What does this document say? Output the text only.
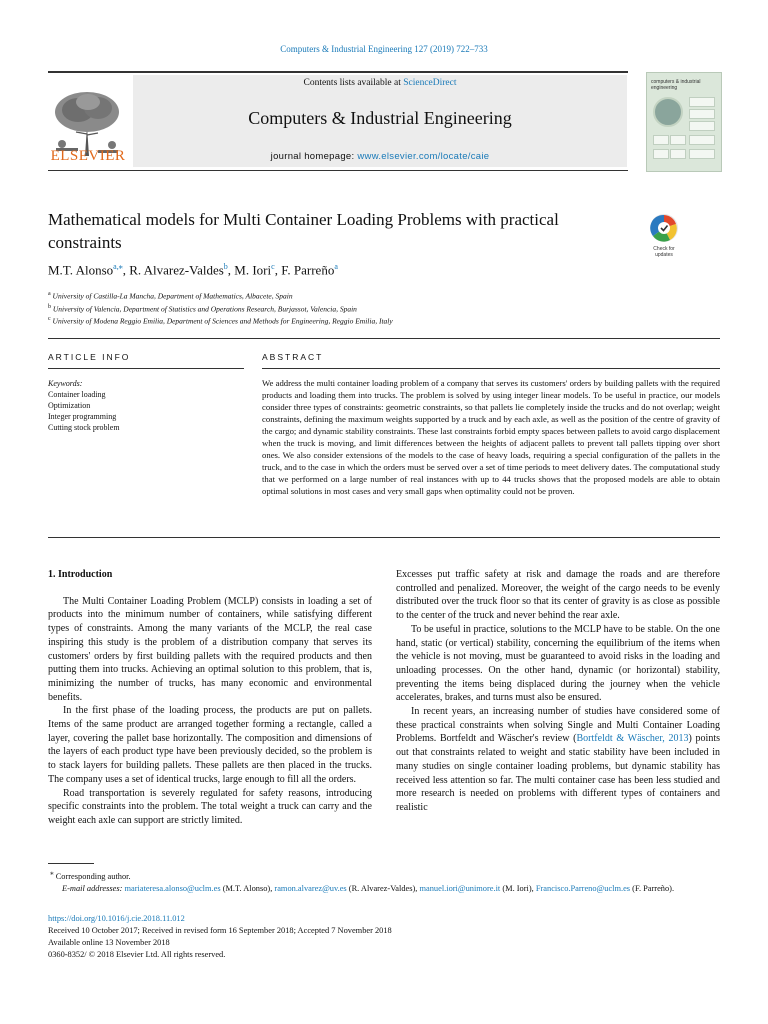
Computers & Industrial Engineering 127 (2019) 722–733
ELSEVIER
Contents lists available at ScienceDirect
Computers & Industrial Engineering
journal homepage: www.elsevier.com/locate/caie
computers & industrial engineering
Mathematical models for Multi Container Loading Problems with practical constraints	Check for updates
M.T. Alonso$^{a,⁎}$, R. Alvarez-Valdes$^b$, M. Iori$^c$, F. Parreño$^a$
$^a$ University of Castilla-La Mancha, Department of Mathematics, Albacete, Spain
$^b$ University of Valencia, Department of Statistics and Operations Research, Burjassot, Valencia, Spain
$^c$ University of Modena Reggio Emilia, Department of Sciences and Methods for Engineering, Reggio Emilia, Italy
ARTICLE INFO	ABSTRACT
Keywords:
Container loading
Optimization
Integer programming
Cutting stock problem
We address the multi container loading problem of a company that serves its customers' orders by building pallets with the required products and loading them into trucks. The problem is solved by using integer linear models. To be useful in practice, our models consider three types of constraints: geometric constraints, so that pallets lie completely inside the trucks and do not overlap; weight constraints, defining the maximum weights supported by a truck and by each axle, as well as the position of the centre of gravity of the cargo; and dynamic stability constraints. These last constraints forbid empty spaces between pallets to avoid cargo displacement when the truck is moving, and limit differences between the heights of adjacent pallets to prevent tall pallets tipping over short ones. We also consider extensions of the models to the case of heavy loads, requiring a special configuration of the pallets in the truck, and to the case in which the orders must be served over a set of time periods to meet delivery dates. The computational study that we performed on a large number of real instances with up to 44 trucks shows that the proposed models are able to obtain optimal solutions in most cases and very small gaps when optimality could not be proven.
1. Introduction

The Multi Container Loading Problem (MCLP) consists in loading a set of products into the minimum number of containers, while satisfying different types of constraints. Among the many variants of the MCLP, the real case inspiring this study is the problem of a distribution company that serves its customers' orders by first building pallets with the required products and then putting them into trucks. Achieving an optimal solution to this problem, that is, minimizing the number of trucks, has many economic and environmental benefits.

In the first phase of the loading process, the products are put on pallets. Items of the same product are arranged together forming a rectangle, called a layer, covering the pallet base horizontally. The composition and dimensions of the layers of each product type have been previously decided, so the problem is to stack layers for building pallets. These pallets are then placed in the trucks. The company uses a set of identical trucks, large enough to fill all the orders.

Road transportation is severely regulated for safety reasons, introducing specific constraints into the problem. The total weight a truck can carry and the weight each axle can support are strictly limited.

Excesses put traffic safety at risk and damage the roads and are therefore controlled and penalized. Moreover, the weight of the cargo needs to be evenly distributed over the truck floor so that its center of gravity is as close as possible to the center of the truck and never behind the rear axle.

To be useful in practice, solutions to the MCLP have to be stable. On the one hand, static (or vertical) stability, concerning the equilibrium of the items when the vehicle is not moving, must be guaranteed to avoid risks in the loading and unloading processes. On the other hand, dynamic (or horizontal) stability, preventing the items being displaced during the journey when the vehicle accelerates, brakes, and turns must also be ensured.

In recent years, an increasing number of studies have considered some of these practical constraints when solving Single and Multi Container Loading Problems. Bortfeldt and Wäscher's review (Bortfeldt & Wäscher, 2013) points out that constraints related to weight and static stability have been included in many studies on single container loading problems, but dynamic stability has received less attention so far. The multi container case has been less studied and more research is needed on problems with different types of containers and realistic

⁎ Corresponding author.
E-mail addresses: mariateresa.alonso@uclm.es (M.T. Alonso), ramon.alvarez@uv.es (R. Alvarez-Valdes), manuel.iori@unimore.it (M. Iori), Francisco.Parreno@uclm.es (F. Parreño).
https://doi.org/10.1016/j.cie.2018.11.012
Received 10 October 2017; Received in revised form 16 September 2018; Accepted 7 November 2018
Available online 13 November 2018
0360-8352/ © 2018 Elsevier Ltd. All rights reserved.
